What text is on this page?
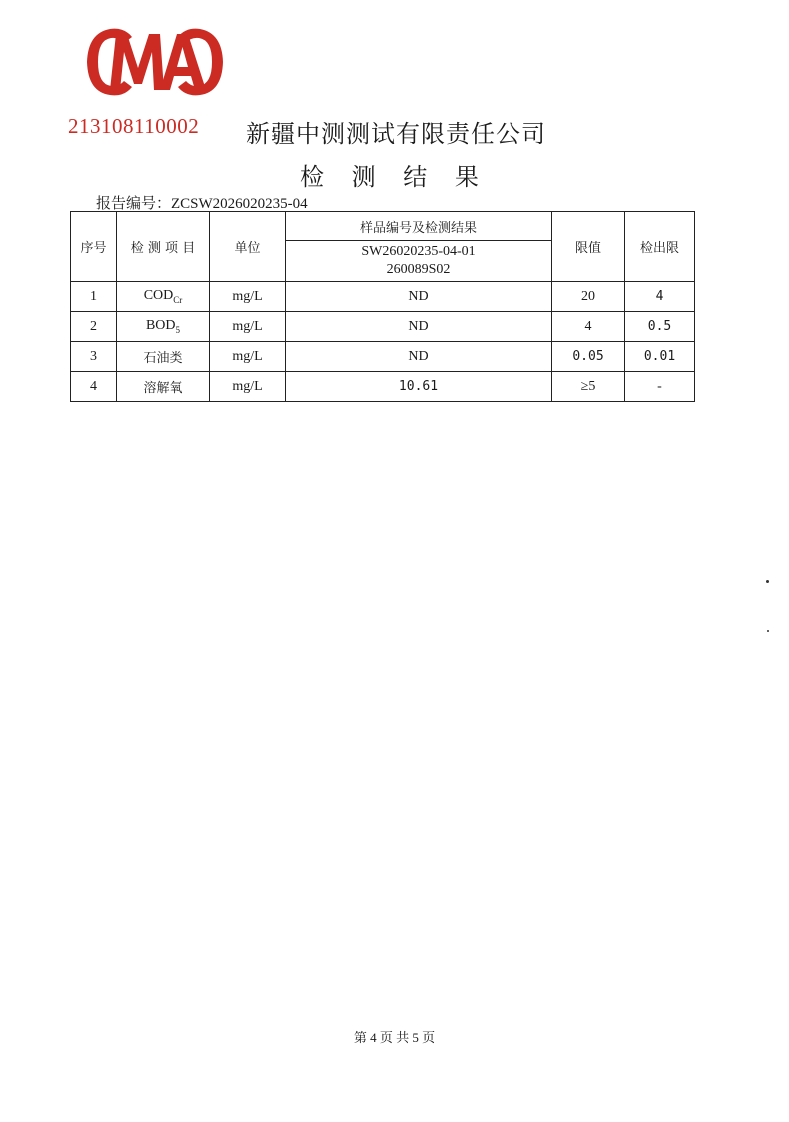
213108110002 新疆中测测试有限责任公司
检 测 结 果
报告编号：ZCSW2026020235-04
序号	检 测 项 目	单位	样品编号及检测结果	限值	检出限

			SW26020235-04-01
260089S02		

1	$COD_{Cr}$	mg/L	ND	20	4
2	$BOD_5$	mg/L	ND	4	0.5
3	石油类	mg/L	ND	0.05	0.01
4	溶解氧	mg/L	10.61	≥5	-
第 4 页 共 5 页
